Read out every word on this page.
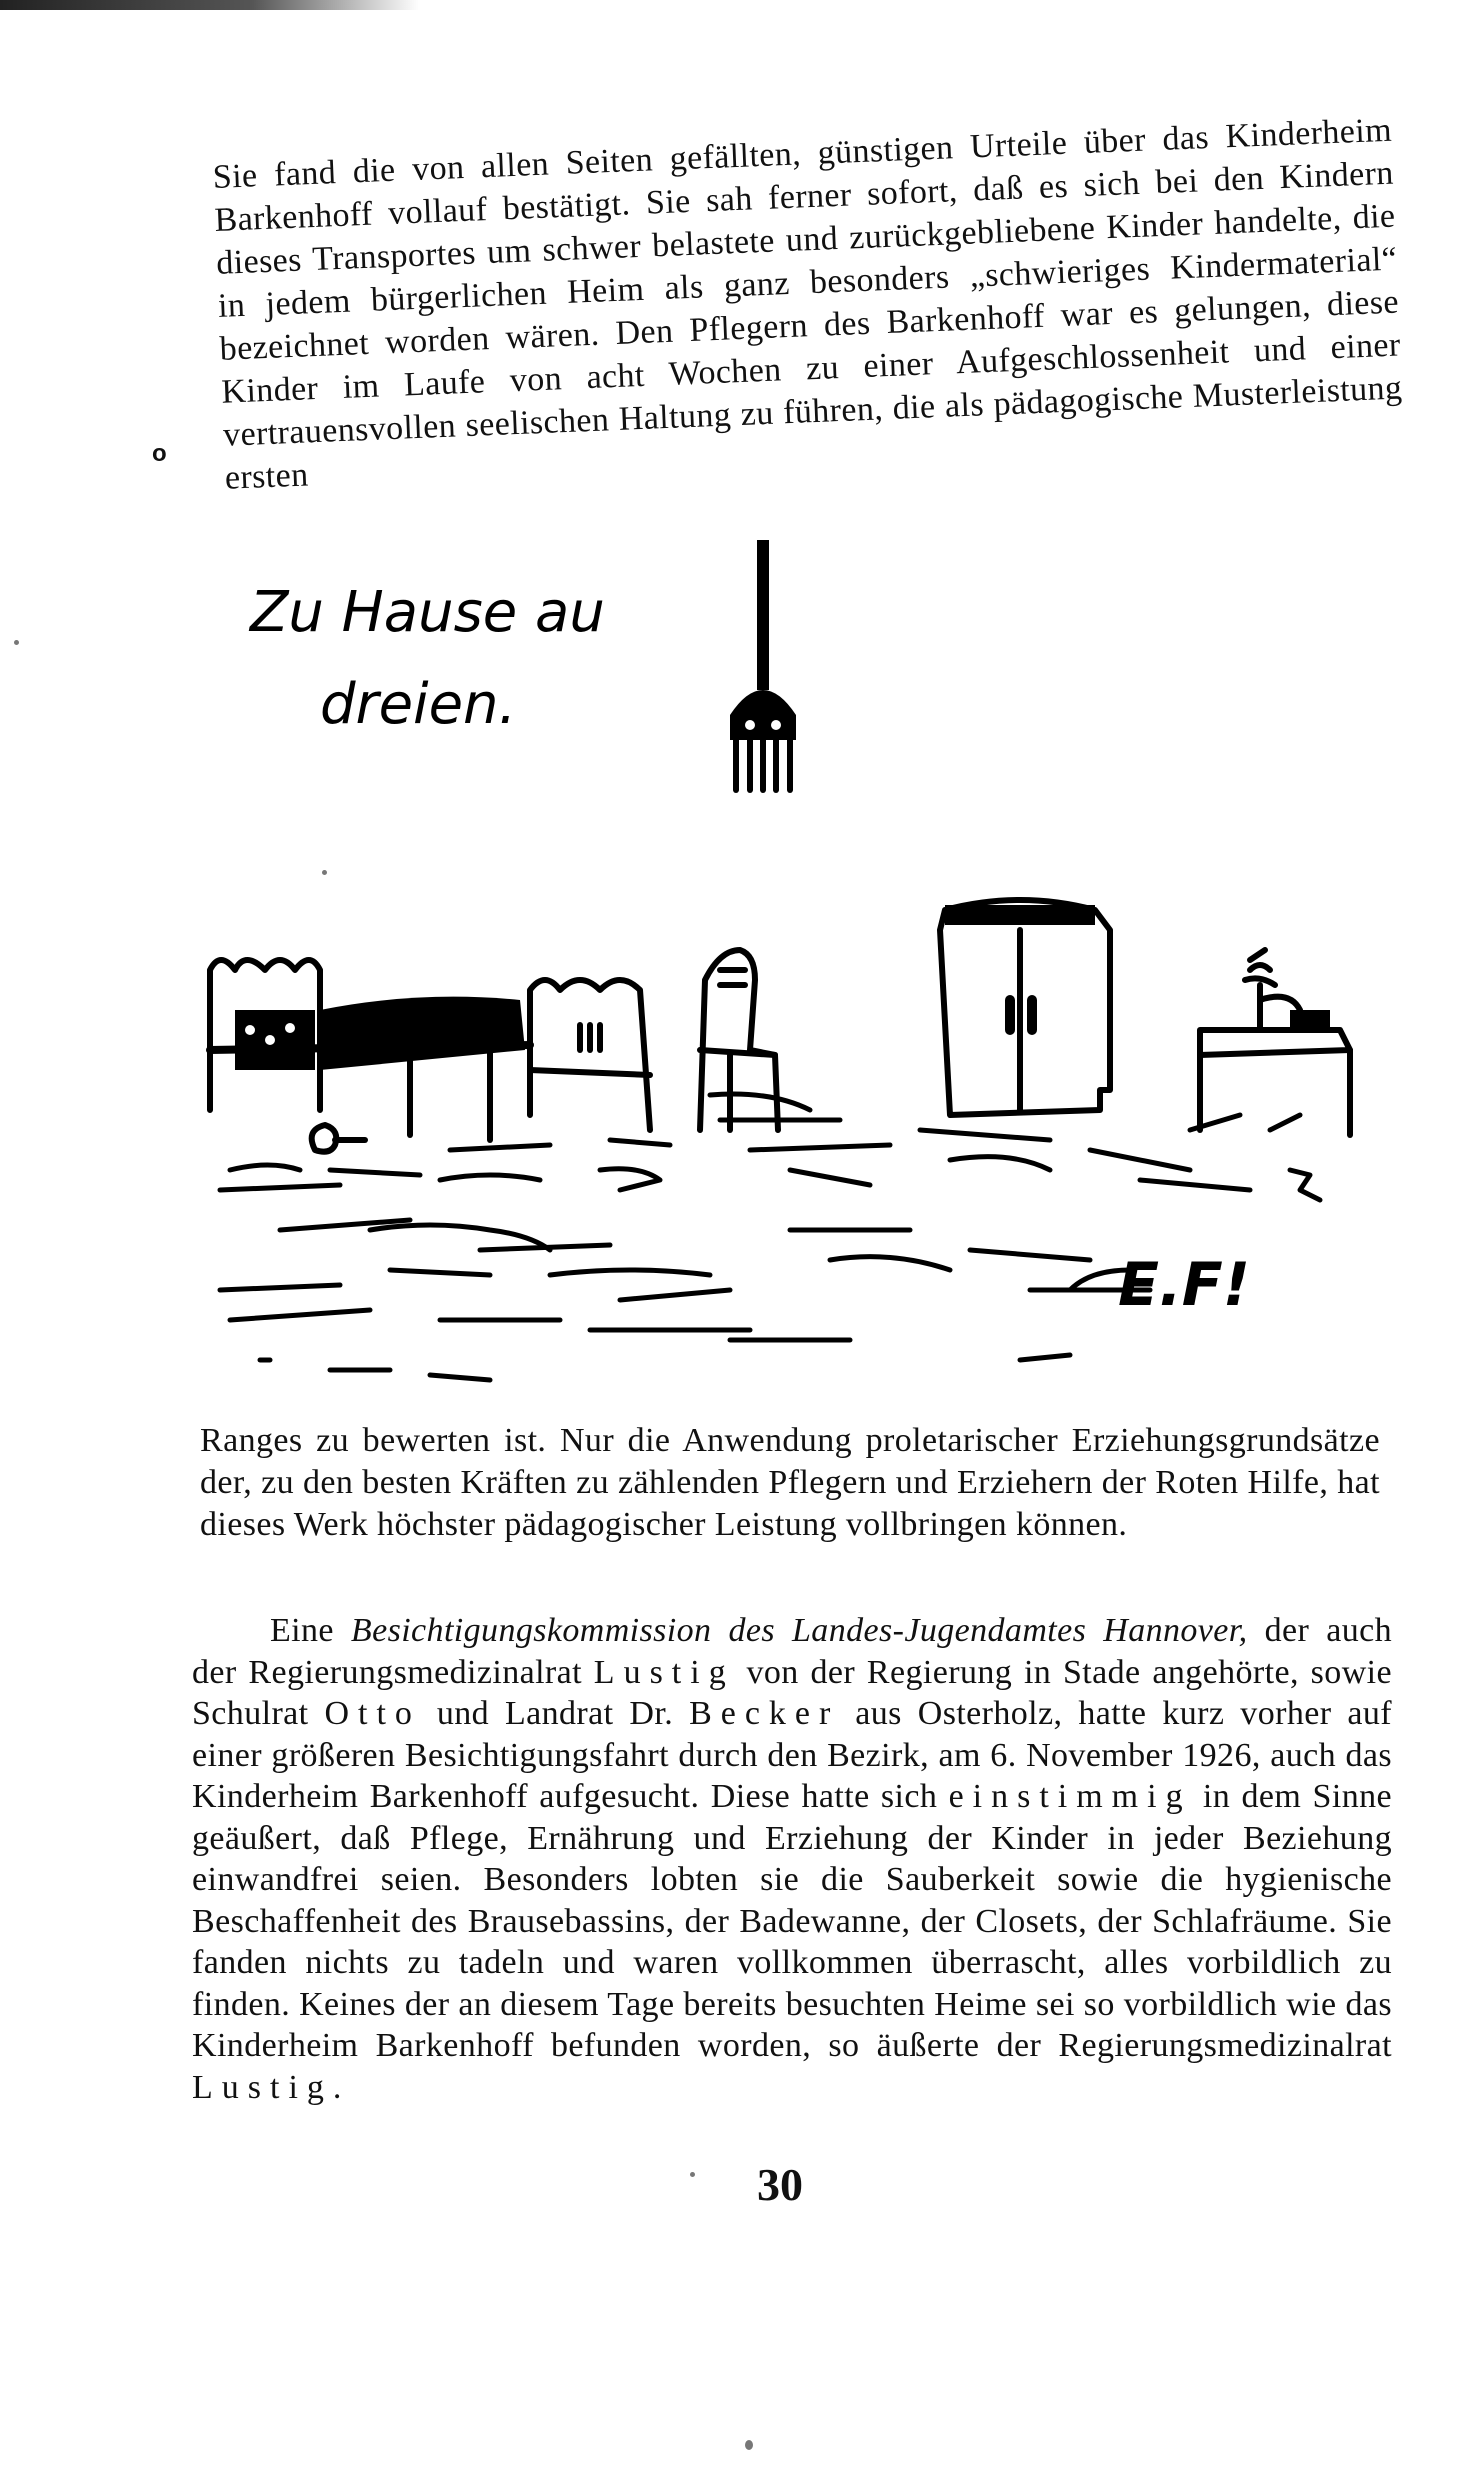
o

Sie fand die von allen Seiten gefällten, günstigen Urteile über das Kinderheim Barkenhoff vollauf bestätigt. Sie sah ferner sofort, daß es sich bei den Kindern dieses Transportes um schwer belastete und zurückgebliebene Kinder handelte, die in jedem bürgerlichen Heim als ganz besonders „schwieriges Kindermaterial“ bezeichnet worden wären. Den Pflegern des Barkenhoff war es gelungen, diese Kinder im Laufe von acht Wochen zu einer Aufgeschlossenheit und einer vertrauensvollen seelischen Haltung zu führen, die als pädagogische Musterleistung ersten

Zu Hause au

dreien.

E.F!

Ranges zu bewerten ist. Nur die Anwendung proletarischer Erziehungsgrundsätze der, zu den besten Kräften zu zählenden Pflegern und Erziehern der Roten Hilfe, hat dieses Werk höchster pädagogischer Leistung vollbringen können.

Eine Besichtigungskommission des Landes-Jugendamtes Hannover, der auch der Regierungsmedizinalrat Lustig von der Regierung in Stade angehörte, sowie Schulrat Otto und Landrat Dr. Becker aus Osterholz, hatte kurz vorher auf einer größeren Besichtigungsfahrt durch den Bezirk, am 6. November 1926, auch das Kinderheim Barkenhoff aufgesucht. Diese hatte sich einstimmig in dem Sinne geäußert, daß Pflege, Ernährung und Erziehung der Kinder in jeder Beziehung einwandfrei seien. Besonders lobten sie die Sauberkeit sowie die hygienische Beschaffenheit des Brausebassins, der Badewanne, der Closets, der Schlafräume. Sie fanden nichts zu tadeln und waren vollkommen überrascht, alles vorbildlich zu finden. Keines der an diesem Tage bereits besuchten Heime sei so vorbildlich wie das Kinderheim Barkenhoff befunden worden, so äußerte der Regierungsmedizinalrat Lustig.

30
